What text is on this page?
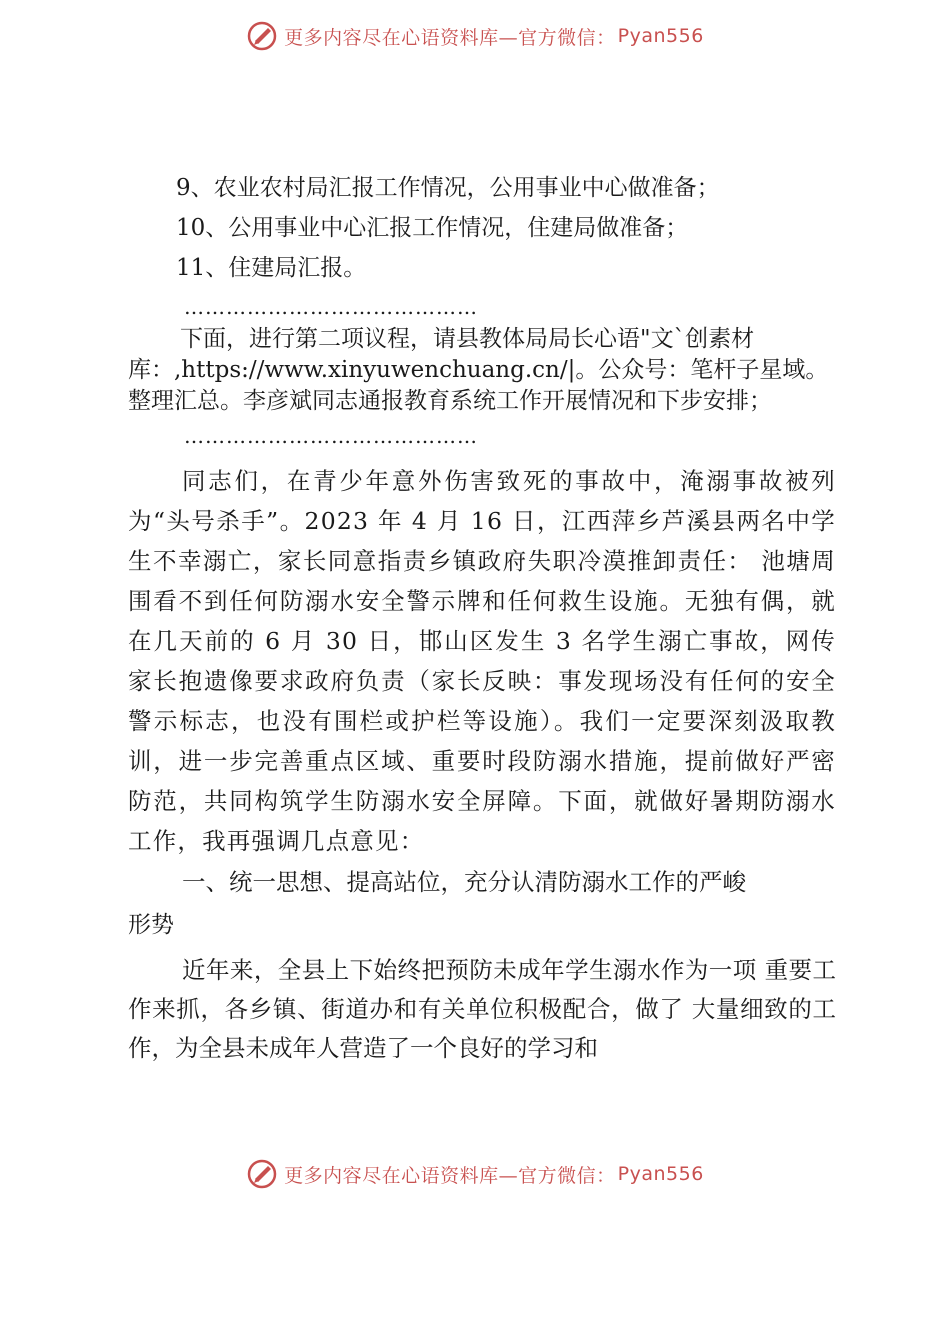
更多内容尽在心语资料库—官方微信： Pyan556
9、农业农村局汇报工作情况，公用事业中心做准备；
10、公用事业中心汇报工作情况，住建局做准备；
11、住建局汇报。
……………………………………

下面，进行第二项议程，请县教体局局长心语"文`创素材库：,https://www.xinyuwenchuang.cn/|。公众号：笔杆子星域。整理汇总。李彦斌同志通报教育系统工作开展情况和下步安排；

……………………………………

同志们，在青少年意外伤害致死的事故中，淹溺事故被列为“头号杀手”。2023 年 4 月 16 日，江西萍乡芦溪县两名中学生不幸溺亡，家长同意指责乡镇政府失职冷漠推卸责任： 池塘周围看不到任何防溺水安全警示牌和任何救生设施。无独有偶，就在几天前的 6 月 30 日，邯山区发生 3 名学生溺亡事故，网传家长抱遗像要求政府负责（家长反映：事发现场没有任何的安全警示标志，也没有围栏或护栏等设施）。我们一定要深刻汲取教训，进一步完善重点区域、重要时段防溺水措施，提前做好严密防范，共同构筑学生防溺水安全屏障。下面，就做好暑期防溺水工作，我再强调几点意见：

一、统一思想、提高站位，充分认清防溺水工作的严峻
形势

近年来，全县上下始终把预防未成年学生溺水作为一项 重要工作来抓，各乡镇、街道办和有关单位积极配合，做了 大量细致的工作，为全县未成年人营造了一个良好的学习和

更多内容尽在心语资料库—官方微信： Pyan556
